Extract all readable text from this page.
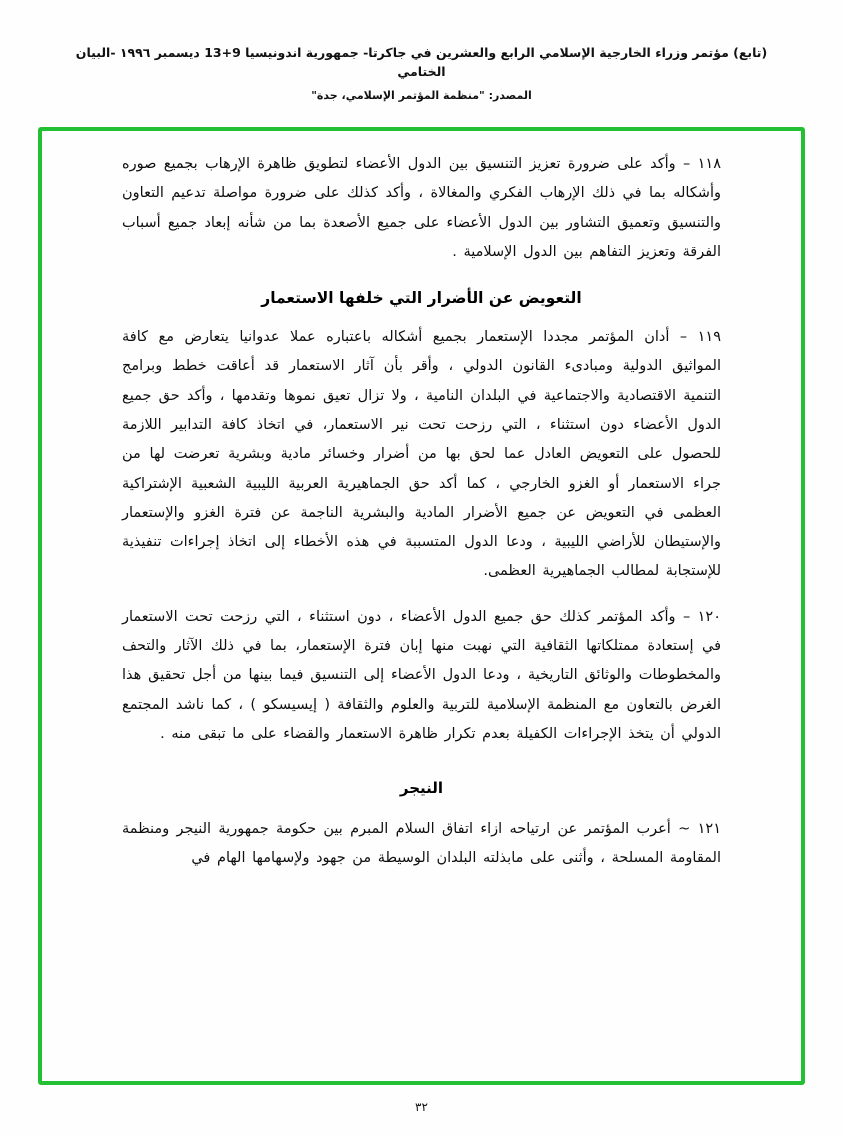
(تابع) مؤتمر وزراء الخارجية الإسلامي الرابع والعشرين في جاكرتا- جمهورية اندونيسيا 9+13 ديسمبر ١٩٩٦ -البيان الختامي
المصدر: "منظمة المؤتمر الإسلامي، جدة"

١١٨ – وأكد على ضرورة تعزيز التنسيق بين الدول الأعضاء لتطويق ظاهرة الإرهاب بجميع صوره وأشكاله بما في ذلك الإرهاب الفكري والمغالاة ، وأكد كذلك على ضرورة مواصلة تدعيم التعاون والتنسيق وتعميق التشاور بين الدول الأعضاء على جميع الأصعدة بما من شأنه إبعاد جميع أسباب الفرقة وتعزيز التفاهم بين الدول الإسلامية .

التعويض عن الأضرار التي خلفها الاستعمار

١١٩ – أدان المؤتمر مجددا الإستعمار بجميع أشكاله باعتباره عملا عدوانيا يتعارض مع كافة المواثيق الدولية ومبادىء القانون الدولي ، وأقر بأن آثار الاستعمار قد أعاقت خطط وبرامج التنمية الاقتصادية والاجتماعية في البلدان النامية ، ولا تزال تعيق نموها وتقدمها ، وأكد حق جميع الدول الأعضاء دون استثناء ، التي رزحت تحت نير الاستعمار، في اتخاذ كافة التدابير اللازمة للحصول على التعويض العادل عما لحق بها من أضرار وخسائر مادية وبشرية تعرضت لها من جراء الاستعمار أو الغزو الخارجي ، كما أكد حق الجماهيرية العربية الليبية الشعبية الإشتراكية العظمى في التعويض عن جميع الأضرار المادية والبشرية الناجمة عن فترة الغزو والإستعمار والإستيطان للأراضي الليبية ، ودعا الدول المتسببة في هذه الأخطاء إلى اتخاذ إجراءات تنفيذية للإستجابة لمطالب الجماهيرية العظمى.

١٢٠ – وأكد المؤتمر كذلك حق جميع الدول الأعضاء ، دون استثناء ، التي رزحت تحت الاستعمار في إستعادة ممتلكاتها الثقافية التي نهبت منها إبان فترة الإستعمار، بما في ذلك الآثار والتحف والمخطوطات والوثائق التاريخية ، ودعا الدول الأعضاء إلى التنسيق فيما بينها من أجل تحقيق هذا الغرض بالتعاون مع المنظمة الإسلامية للتربية والعلوم والثقافة ( إيسيسكو ) ، كما ناشد المجتمع الدولي أن يتخذ الإجراءات الكفيلة بعدم تكرار ظاهرة الاستعمار والقضاء على ما تبقى منه .

النيجر

١٢١ ~ أعرب المؤتمر عن ارتياحه ازاء اتفاق السلام المبرم بين حكومة جمهورية النيجر ومنظمة المقاومة المسلحة ، وأثنى على مابذلته البلدان الوسيطة من جهود ولإسهامها الهام في

٣٢
